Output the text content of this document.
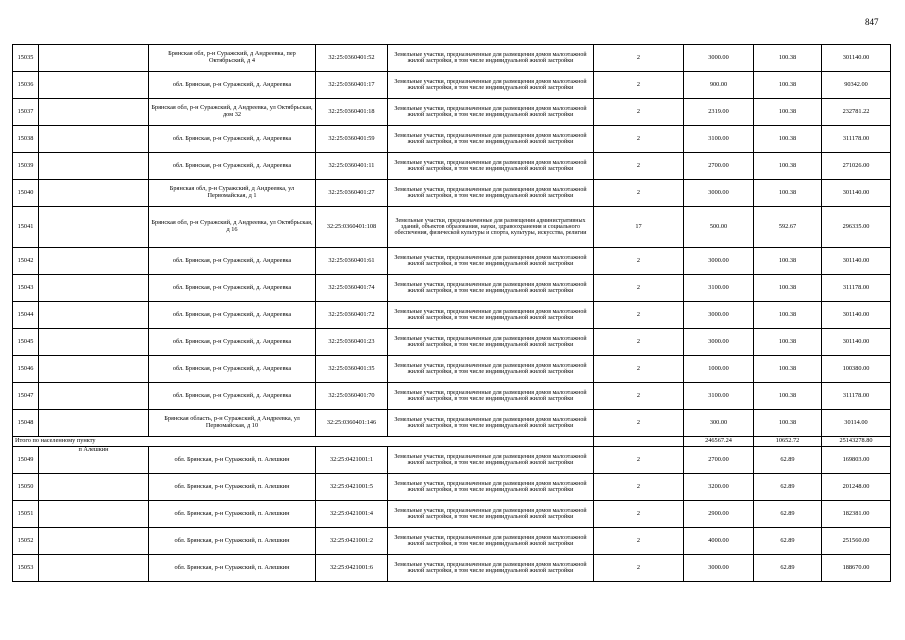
847
15035		Брянская обл, р-н Суражский, д Андреевка, пер Октябрьский, д 4	32:25:0360401:52	Земельные участки, предназначенные для размещения домов малоэтажной жилой застройки, в том числе индивидуальной жилой застройки	2	3000.00	100.38	301140.00
15036		обл. Брянская, р-н Суражский, д. Андреевка	32:25:0360401:17	Земельные участки, предназначенные для размещения домов малоэтажной жилой застройки, в том числе индивидуальной жилой застройки	2	900.00	100.38	90342.00
15037		Брянская обл, р-н Суражский, д Андреевка, ул Октябрьская, дом 32	32:25:0360401:18	Земельные участки, предназначенные для размещения домов малоэтажной жилой застройки, в том числе индивидуальной жилой застройки	2	2319.00	100.38	232781.22
15038		обл. Брянская, р-н Суражский, д. Андреевка	32:25:0360401:59	Земельные участки, предназначенные для размещения домов малоэтажной жилой застройки, в том числе индивидуальной жилой застройки	2	3100.00	100.38	311178.00
15039		обл. Брянская, р-н Суражский, д. Андреевка	32:25:0360401:11	Земельные участки, предназначенные для размещения домов малоэтажной жилой застройки, в том числе индивидуальной жилой застройки	2	2700.00	100.38	271026.00
15040		Брянская обл, р-н Суражский, д Андреевка, ул Первомайская, д 1	32:25:0360401:27	Земельные участки, предназначенные для размещения домов малоэтажной жилой застройки, в том числе индивидуальной жилой застройки	2	3000.00	100.38	301140.00
15041		Брянская обл, р-н Суражский, д Андреевка, ул Октябрьская, д 16	32:25:0360401:108	Земельные участки, предназначенные для размещения административных зданий, объектов образования, науки, здравоохранения и социального обеспечения, физической культуры и спорта, культуры, искусства, религии	17	500.00	592.67	296335.00
15042		обл. Брянская, р-н Суражский, д. Андреевка	32:25:0360401:61	Земельные участки, предназначенные для размещения домов малоэтажной жилой застройки, в том числе индивидуальной жилой застройки	2	3000.00	100.38	301140.00
15043		обл. Брянская, р-н Суражский, д. Андреевка	32:25:0360401:74	Земельные участки, предназначенные для размещения домов малоэтажной жилой застройки, в том числе индивидуальной жилой застройки	2	3100.00	100.38	311178.00
15044		обл. Брянская, р-н Суражский, д. Андреевка	32:25:0360401:72	Земельные участки, предназначенные для размещения домов малоэтажной жилой застройки, в том числе индивидуальной жилой застройки	2	3000.00	100.38	301140.00
15045		обл. Брянская, р-н Суражский, д. Андреевка	32:25:0360401:23	Земельные участки, предназначенные для размещения домов малоэтажной жилой застройки, в том числе индивидуальной жилой застройки	2	3000.00	100.38	301140.00
15046		обл. Брянская, р-н Суражский, д. Андреевка	32:25:0360401:35	Земельные участки, предназначенные для размещения домов малоэтажной жилой застройки, в том числе индивидуальной жилой застройки	2	1000.00	100.38	100380.00
15047		обл. Брянская, р-н Суражский, д. Андреевка	32:25:0360401:70	Земельные участки, предназначенные для размещения домов малоэтажной жилой застройки, в том числе индивидуальной жилой застройки	2	3100.00	100.38	311178.00
15048		Брянская область, р-н Суражский, д Андреевка, ул Первомайская, д 10	32:25:0360401:146	Земельные участки, предназначенные для размещения домов малоэтажной жилой застройки, в том числе индивидуальной жилой застройки	2	300.00	100.38	30114.00
Итого по населенному пункту						246567.24	10652.72	25143278.80
15049	п Алешкин	обл. Брянская, р-н Суражский, п. Алешкин	32:25:0421001:1	Земельные участки, предназначенные для размещения домов малоэтажной жилой застройки, в том числе индивидуальной жилой застройки	2	2700.00	62.89	169803.00
15050		обл. Брянская, р-н Суражский, п. Алешкин	32:25:0421001:5	Земельные участки, предназначенные для размещения домов малоэтажной жилой застройки, в том числе индивидуальной жилой застройки	2	3200.00	62.89	201248.00
15051		обл. Брянская, р-н Суражский, п. Алешкин	32:25:0421001:4	Земельные участки, предназначенные для размещения домов малоэтажной жилой застройки, в том числе индивидуальной жилой застройки	2	2900.00	62.89	182381.00
15052		обл. Брянская, р-н Суражский, п. Алешкин	32:25:0421001:2	Земельные участки, предназначенные для размещения домов малоэтажной жилой застройки, в том числе индивидуальной жилой застройки	2	4000.00	62.89	251560.00
15053		обл. Брянская, р-н Суражский, п. Алешкин	32:25:0421001:6	Земельные участки, предназначенные для размещения домов малоэтажной жилой застройки, в том числе индивидуальной жилой застройки	2	3000.00	62.89	188670.00
